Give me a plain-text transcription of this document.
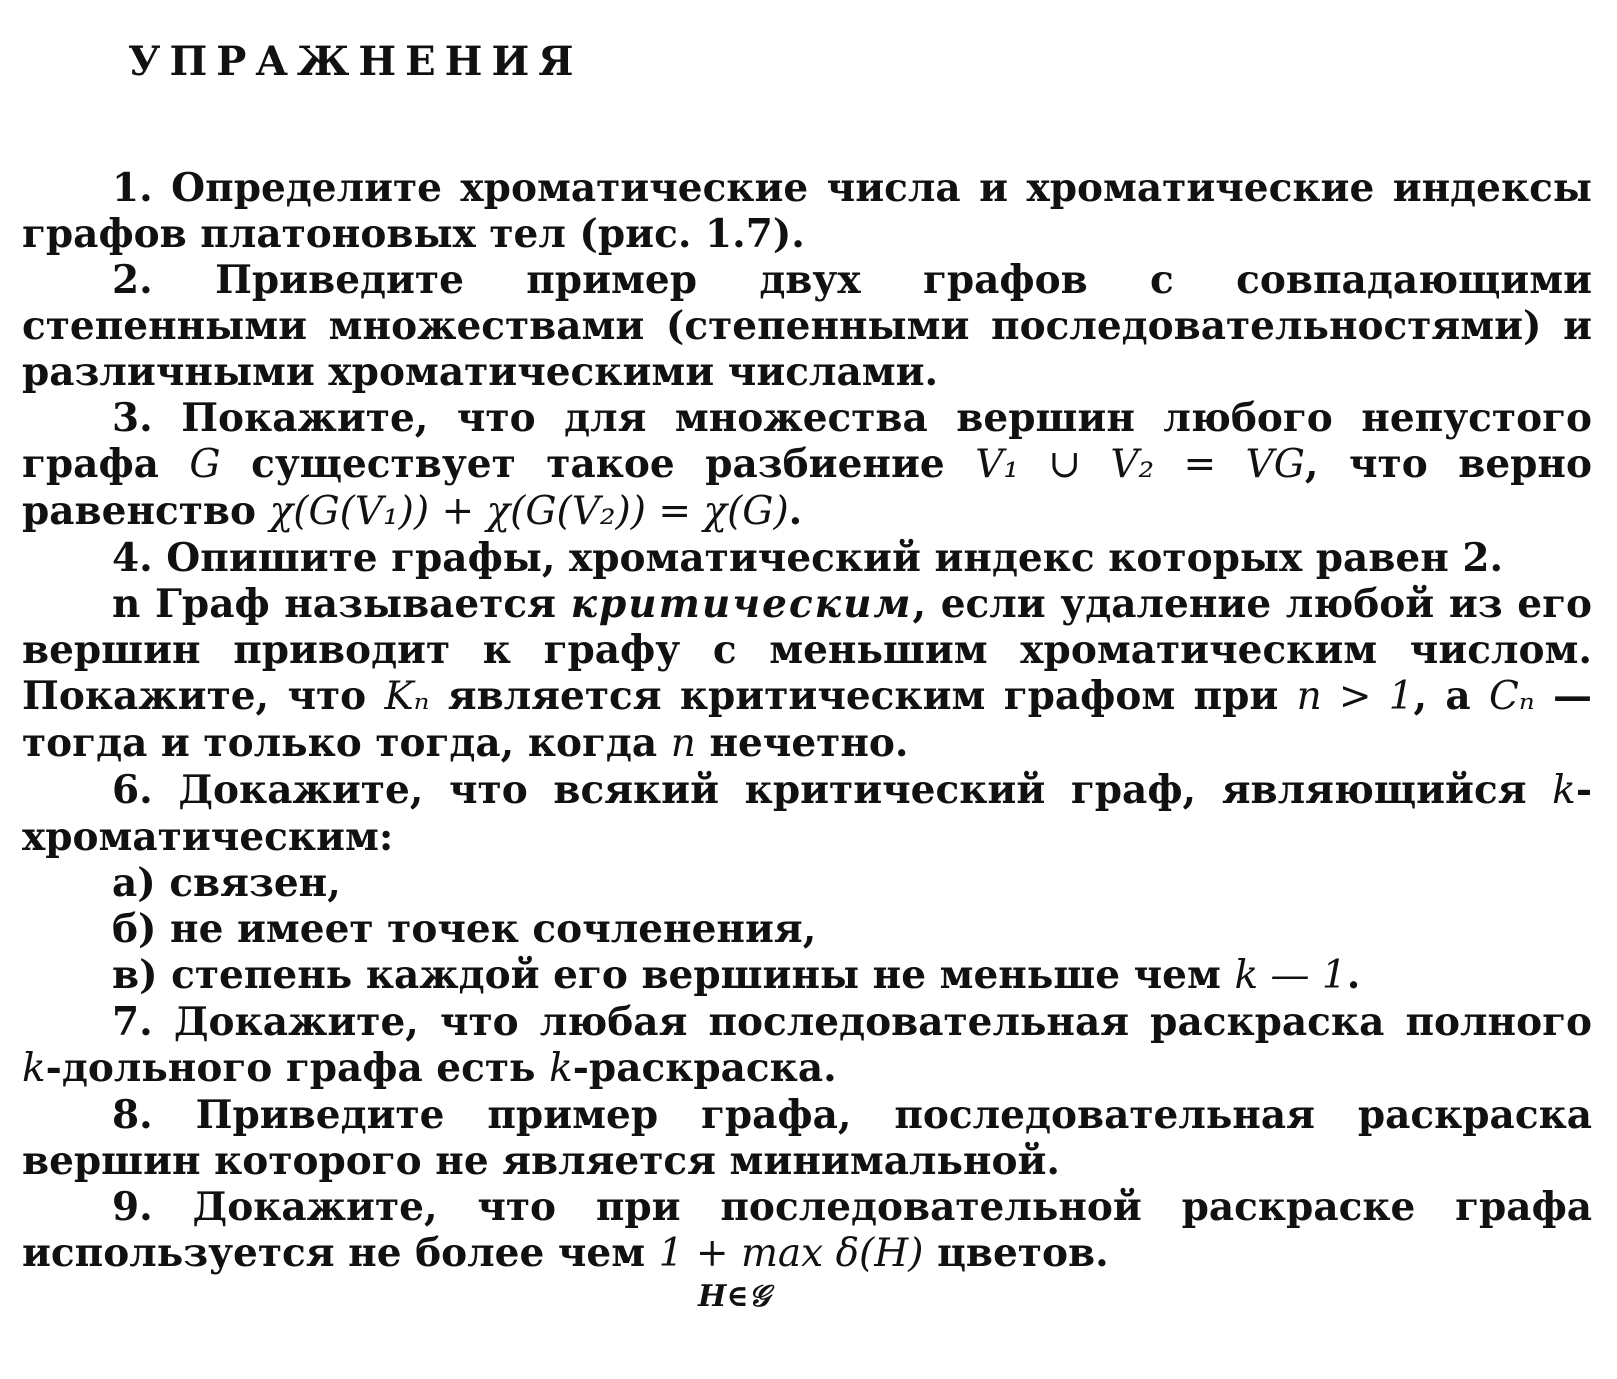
УПРАЖНЕНИЯ

1. Определите хроматические числа и хроматические индексы графов платоновых тел (рис. 1.7).

2. Приведите пример двух графов с совпадающими степенными множествами (степенными последовательностями) и различными хроматическими числами.

3. Покажите, что для множества вершин любого непустого графа G существует такое разбиение V₁ ∪ V₂ = VG, что верно равенство χ(G(V₁)) + χ(G(V₂)) = χ(G).

4. Опишите графы, хроматический индекс которых равен 2.

n Граф называется критическим, если удаление любой из его вершин приводит к графу с меньшим хроматическим числом. Покажите, что Kₙ является критическим графом при n > 1, а Cₙ — тогда и только тогда, когда n нечетно.

6. Докажите, что всякий критический граф, являющийся k-хроматическим:

а) связен,

б) не имеет точек сочленения,

в) степень каждой его вершины не меньше чем k — 1.

7. Докажите, что любая последовательная раскраска полного k-дольного графа есть k-раскраска.

8. Приведите пример графа, последовательная раскраска вершин которого не является минимальной.

9. Докажите, что при последовательной раскраске графа используется не более чем 1 + max δ(H) цветов.

H∈𝒢
